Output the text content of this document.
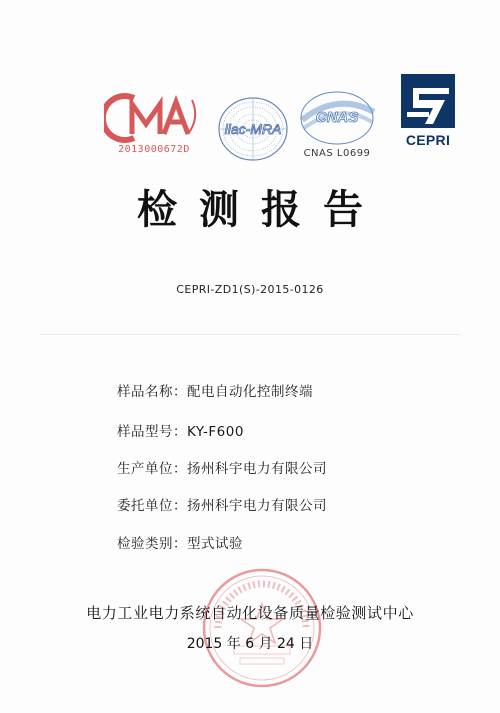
2013000672D
ilac-MRA
CNAS
CNAS L0699
CEPRI
检测报告
CEPRI-ZD1(S)-2015-0126
样品名称：配电自动化控制终端
样品型号：KY-F600
生产单位：扬州科宇电力有限公司
委托单位：扬州科宇电力有限公司
检验类别：型式试验
电力工业电力系统自动化设备质量检验测试中心
2015 年 6 月 24 日
